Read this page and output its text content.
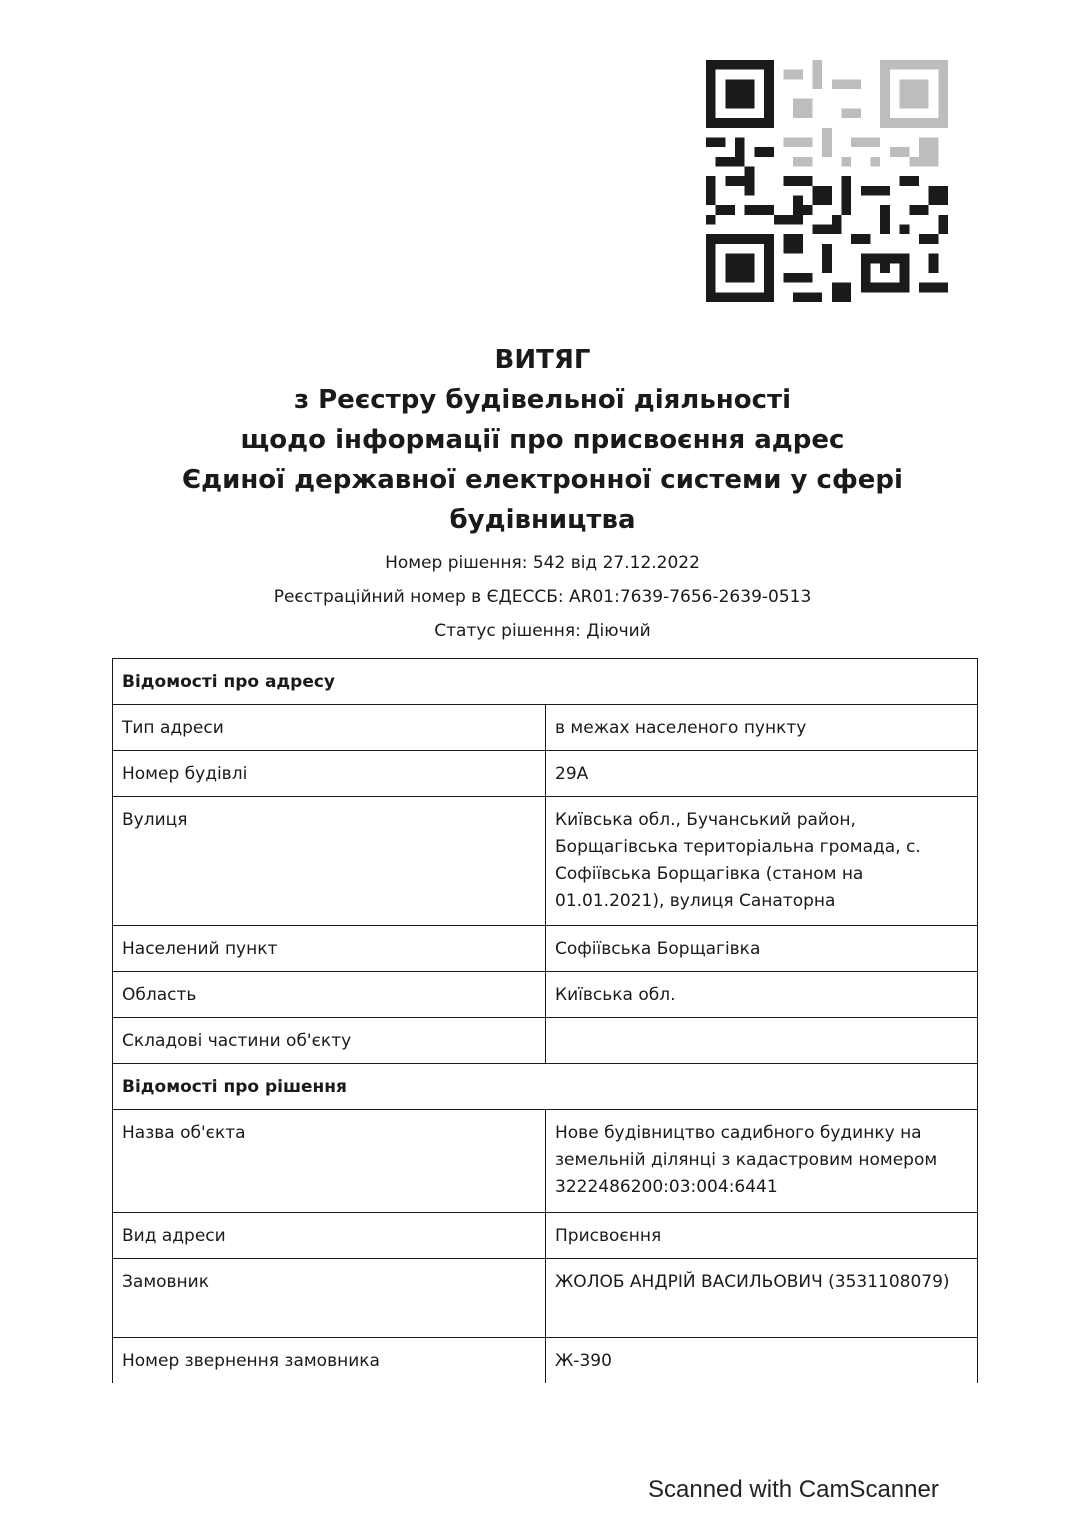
ВИТЯГ

з Реєстру будівельної діяльності

щодо інформації про присвоєння адрес

Єдиної державної електронної системи у сфері

будівництва

Номер рішення: 542 від 27.12.2022

Реєстраційний номер в ЄДЕССБ: AR01:7639-7656-2639-0513

Статус рішення: Діючий

Відомості про адресу	
Тип адреси	в межах населеного пункту
Номер будівлі	29А
Вулиця	Київська обл., Бучанський район, Борщагівська територіальна громада, с. Софіївська Борщагівка (станом на 01.01.2021), вулиця Санаторна
Населений пункт	Софіївська Борщагівка
Область	Київська обл.
Складові частини об'єкту	
Відомості про рішення	
Назва об'єкта	Нове будівництво садибного будинку на земельній ділянці з кадастровим номером 3222486200:03:004:6441
Вид адреси	Присвоєння
Замовник	ЖОЛОБ АНДРІЙ ВАСИЛЬОВИЧ (3531108079)
Номер звернення замовника	Ж-390
Scanned with CamScanner
